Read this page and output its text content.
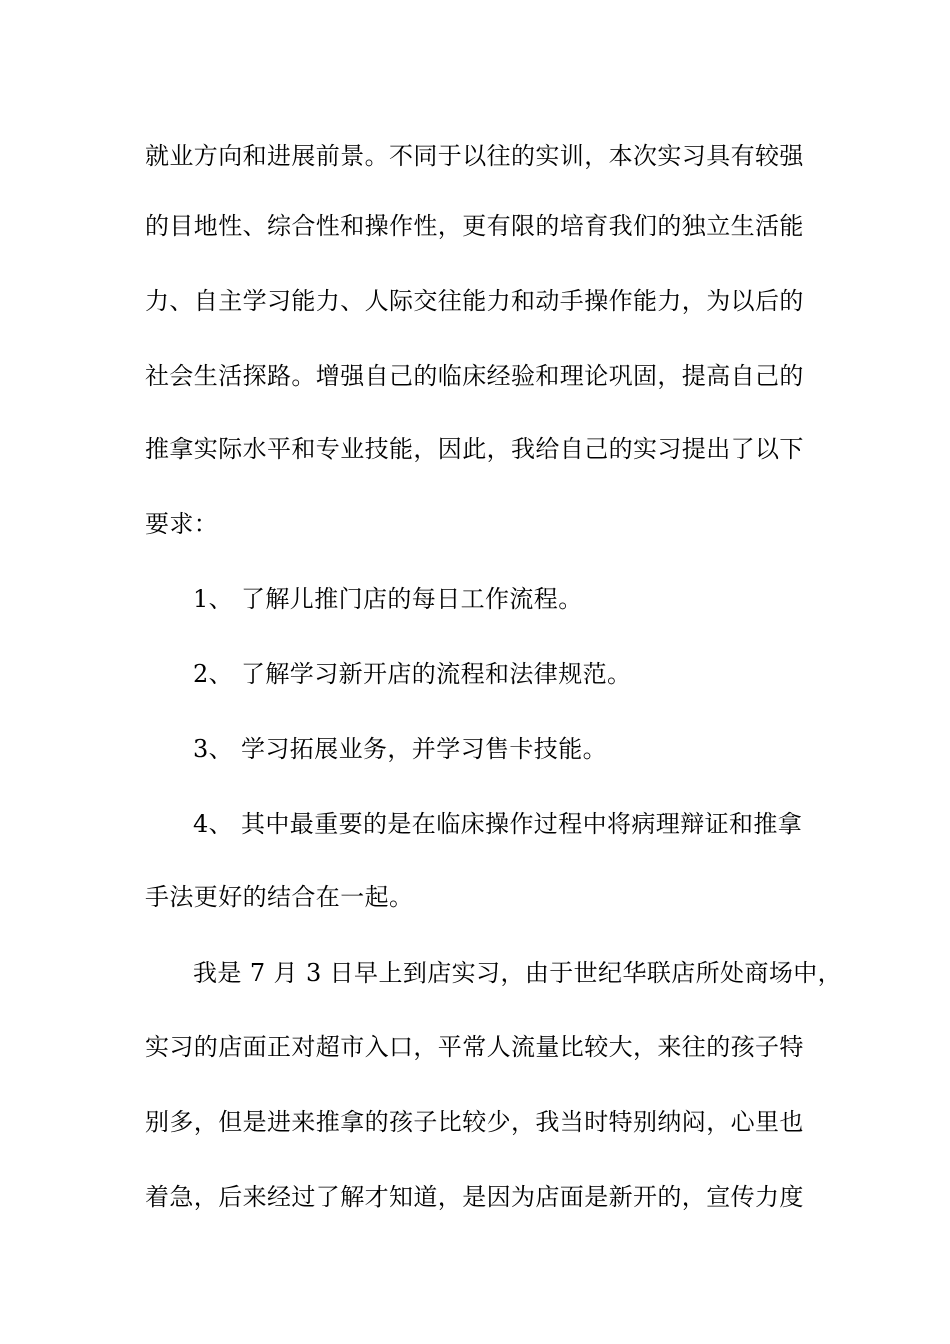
就业方向和进展前景。不同于以往的实训，本次实习具有较强
的目地性、综合性和操作性，更有限的培育我们的独立生活能
力、自主学习能力、人际交往能力和动手操作能力，为以后的
社会生活探路。增强自己的临床经验和理论巩固，提高自己的
推拿实际水平和专业技能，因此，我给自己的实习提出了以下
要求：
1、 了解儿推门店的每日工作流程。
2、 了解学习新开店的流程和法律规范。
3、 学习拓展业务，并学习售卡技能。
4、 其中最重要的是在临床操作过程中将病理辩证和推拿
手法更好的结合在一起。
我是 7 月 3 日早上到店实习，由于世纪华联店所处商场中，
实习的店面正对超市入口，平常人流量比较大，来往的孩子特
别多，但是进来推拿的孩子比较少，我当时特别纳闷，心里也
着急，后来经过了解才知道，是因为店面是新开的，宣传力度
